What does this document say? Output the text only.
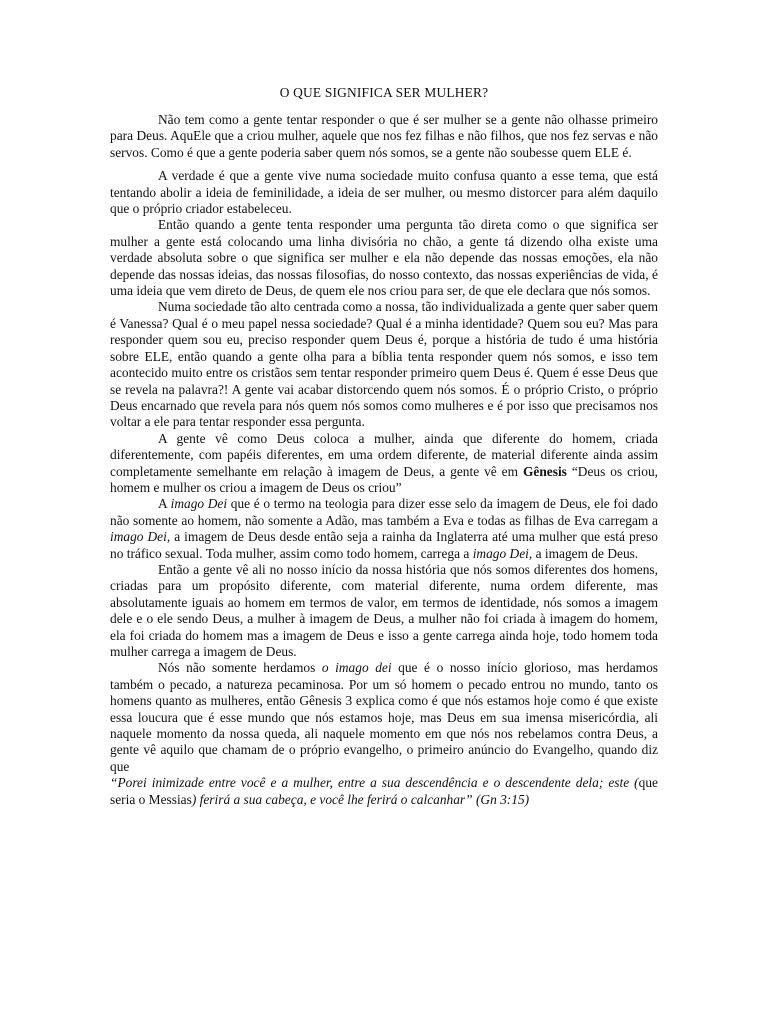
O QUE SIGNIFICA SER MULHER?

Não tem como a gente tentar responder o que é ser mulher se a gente não olhasse primeiro para Deus. AquEle que a criou mulher, aquele que nos fez filhas e não filhos, que nos fez servas e não servos. Como é que a gente poderia saber quem nós somos, se a gente não soubesse quem ELE é.

A verdade é que a gente vive numa sociedade muito confusa quanto a esse tema, que está tentando abolir a ideia de feminilidade, a ideia de ser mulher, ou mesmo distorcer para além daquilo que o próprio criador estabeleceu.

Então quando a gente tenta responder uma pergunta tão direta como o que significa ser mulher a gente está colocando uma linha divisória no chão, a gente tá dizendo olha existe uma verdade absoluta sobre o que significa ser mulher e ela não depende das nossas emoções, ela não depende das nossas ideias, das nossas filosofias, do nosso contexto, das nossas experiências de vida, é uma ideia que vem direto de Deus, de quem ele nos criou para ser, de que ele declara que nós somos.

Numa sociedade tão alto centrada como a nossa, tão individualizada a gente quer saber quem é Vanessa? Qual é o meu papel nessa sociedade? Qual é a minha identidade? Quem sou eu? Mas para responder quem sou eu, preciso responder quem Deus é, porque a história de tudo é uma história sobre ELE, então quando a gente olha para a bíblia tenta responder quem nós somos, e isso tem acontecido muito entre os cristãos sem tentar responder primeiro quem Deus é. Quem é esse Deus que se revela na palavra?! A gente vai acabar distorcendo quem nós somos. É o próprio Cristo, o próprio Deus encarnado que revela para nós quem nós somos como mulheres e é por isso que precisamos nos voltar a ele para tentar responder essa pergunta.

A gente vê como Deus coloca a mulher, ainda que diferente do homem, criada diferentemente, com papéis diferentes, em uma ordem diferente, de material diferente ainda assim completamente semelhante em relação à imagem de Deus, a gente vê em Gênesis “Deus os criou, homem e mulher os criou a imagem de Deus os criou”

A imago Dei que é o termo na teologia para dizer esse selo da imagem de Deus, ele foi dado não somente ao homem, não somente a Adão, mas também a Eva e todas as filhas de Eva carregam a imago Dei, a imagem de Deus desde então seja a rainha da Inglaterra até uma mulher que está preso no tráfico sexual. Toda mulher, assim como todo homem, carrega a imago Dei, a imagem de Deus.

Então a gente vê ali no nosso início da nossa história que nós somos diferentes dos homens, criadas para um propósito diferente, com material diferente, numa ordem diferente, mas absolutamente iguais ao homem em termos de valor, em termos de identidade, nós somos a imagem dele e o ele sendo Deus, a mulher à imagem de Deus, a mulher não foi criada à imagem do homem, ela foi criada do homem mas a imagem de Deus e isso a gente carrega ainda hoje, todo homem toda mulher carrega a imagem de Deus.

Nós não somente herdamos o imago dei que é o nosso início glorioso, mas herdamos também o pecado, a natureza pecaminosa. Por um só homem o pecado entrou no mundo, tanto os homens quanto as mulheres, então Gênesis 3 explica como é que nós estamos hoje como é que existe essa loucura que é esse mundo que nós estamos hoje, mas Deus em sua imensa misericórdia, ali naquele momento da nossa queda, ali naquele momento em que nós nos rebelamos contra Deus, a gente vê aquilo que chamam de o próprio evangelho, o primeiro anúncio do Evangelho, quando diz que

“Porei inimizade entre você e a mulher, entre a sua descendência e o descendente dela; este (que seria o Messias) ferirá a sua cabeça, e você lhe ferirá o calcanhar” (Gn 3:15)
